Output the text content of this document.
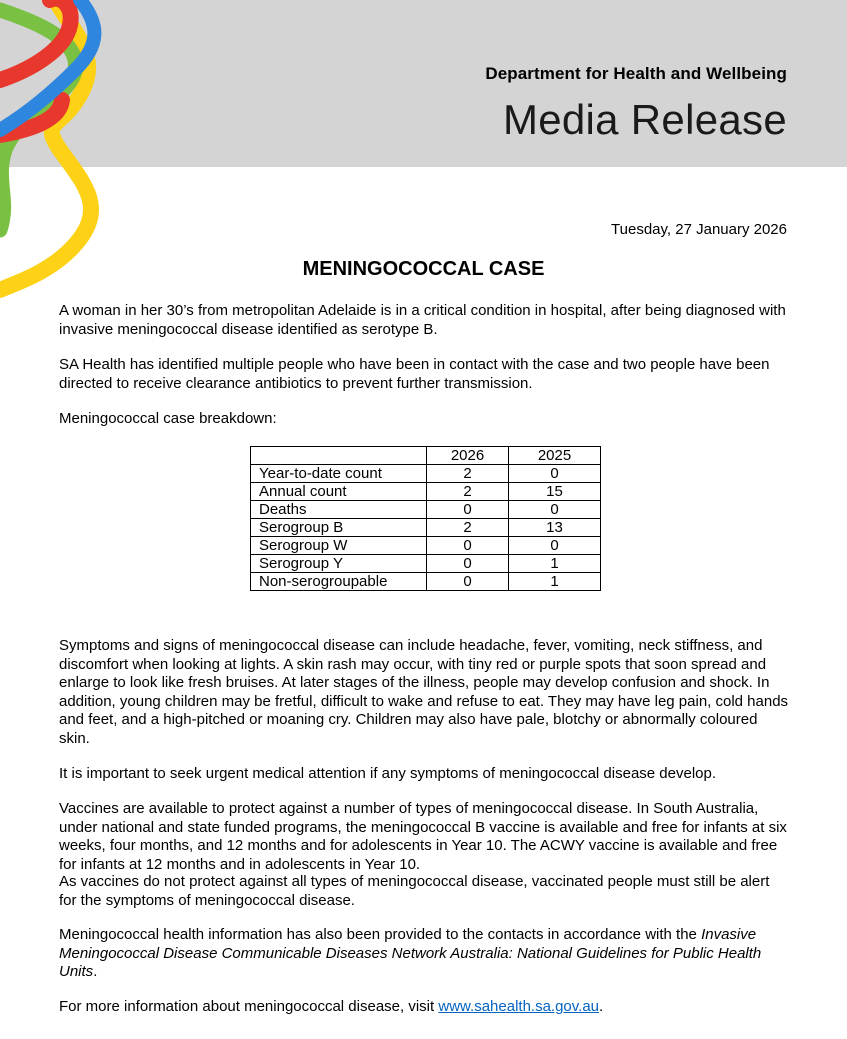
Department for Health and Wellbeing
Media Release
Tuesday, 27 January 2026
MENINGOCOCCAL CASE

A woman in her 30’s from metropolitan Adelaide is in a critical condition in hospital, after being diagnosed with invasive meningococcal disease identified as serotype B.

SA Health has identified multiple people who have been in contact with the case and two people have been directed to receive clearance antibiotics to prevent further transmission.

Meningococcal case breakdown:

	2026	2025
Year-to-date count	2	0
Annual count	2	15
Deaths	0	0
Serogroup B	2	13
Serogroup W	0	0
Serogroup Y	0	1
Non-serogroupable	0	1

Symptoms and signs of meningococcal disease can include headache, fever, vomiting, neck stiffness, and discomfort when looking at lights. A skin rash may occur, with tiny red or purple spots that soon spread and enlarge to look like fresh bruises. At later stages of the illness, people may develop confusion and shock. In addition, young children may be fretful, difficult to wake and refuse to eat. They may have leg pain, cold hands and feet, and a high-pitched or moaning cry. Children may also have pale, blotchy or abnormally coloured skin.

It is important to seek urgent medical attention if any symptoms of meningococcal disease develop.

Vaccines are available to protect against a number of types of meningococcal disease. In South Australia, under national and state funded programs, the meningococcal B vaccine is available and free for infants at six weeks, four months, and 12 months and for adolescents in Year 10. The ACWY vaccine is available and free for infants at 12 months and in adolescents in Year 10.

As vaccines do not protect against all types of meningococcal disease, vaccinated people must still be alert for the symptoms of meningococcal disease.

Meningococcal health information has also been provided to the contacts in accordance with the Invasive Meningococcal Disease Communicable Diseases Network Australia: National Guidelines for Public Health Units.

For more information about meningococcal disease, visit www.sahealth.sa.gov.au.
